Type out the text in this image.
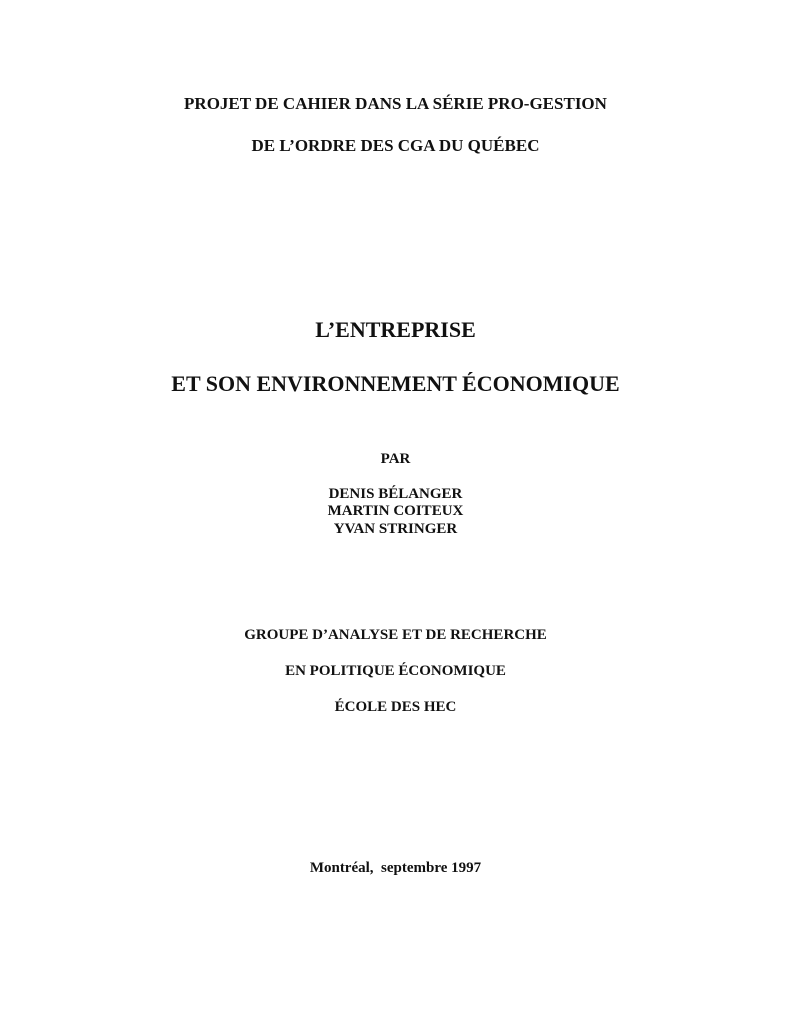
PROJET DE CAHIER DANS LA SÉRIE PRO-GESTION
DE L’ORDRE DES CGA DU QUÉBEC
L’ENTREPRISE
ET SON ENVIRONNEMENT ÉCONOMIQUE
PAR
DENIS BÉLANGER
MARTIN COITEUX
YVAN STRINGER
GROUPE D’ANALYSE ET DE RECHERCHE
EN POLITIQUE ÉCONOMIQUE
ÉCOLE DES HEC
Montréal,  septembre 1997
